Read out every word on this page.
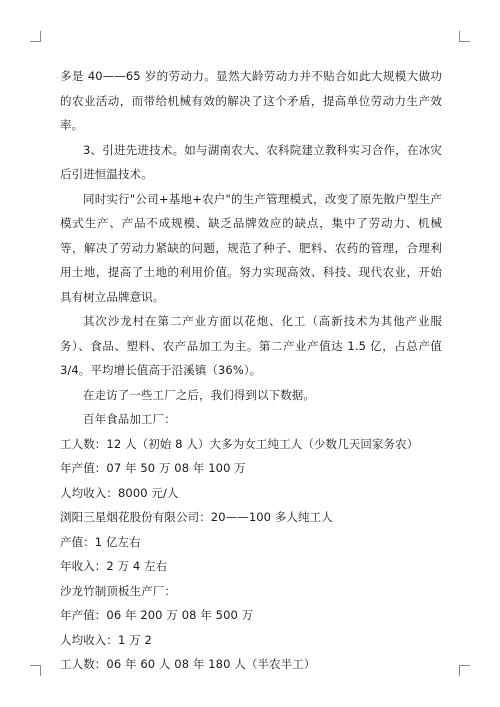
多是 40——65 岁的劳动力。显然大龄劳动力并不贴合如此大规模大做功的农业活动，而带给机械有效的解决了这个矛盾，提高单位劳动力生产效率。

3、引进先进技术。如与湖南农大、农科院建立教科实习合作，在冰灾后引进恒温技术。

同时实行"公司+基地+农户"的生产管理模式，改变了原先散户型生产模式生产、产品不成规模、缺乏品牌效应的缺点，集中了劳动力、机械等，解决了劳动力紧缺的问题，规范了种子、肥料、农药的管理，合理利用土地，提高了土地的利用价值。努力实现高效、科技、现代农业，开始具有树立品牌意识。

其次沙龙村在第二产业方面以花炮、化工（高新技术为其他产业服务）、食品、塑料、农产品加工为主。第二产业产值达 1.5 亿，占总产值 3/4。平均增长值高于沿溪镇（36%）。

在走访了一些工厂之后，我们得到以下数据。

百年食品加工厂：

工人数：12 人（初始 8 人）大多为女工纯工人（少数几天回家务农）

年产值：07 年 50 万 08 年 100 万

人均收入：8000 元/人

浏阳三星烟花股份有限公司：20——100 多人纯工人

产值：1 亿左右

年收入：2 万 4 左右

沙龙竹制顶板生产厂：

年产值：06 年 200 万 08 年 500 万

人均收入：1 万 2

工人数：06 年 60 人 08 年 180 人（半农半工）
